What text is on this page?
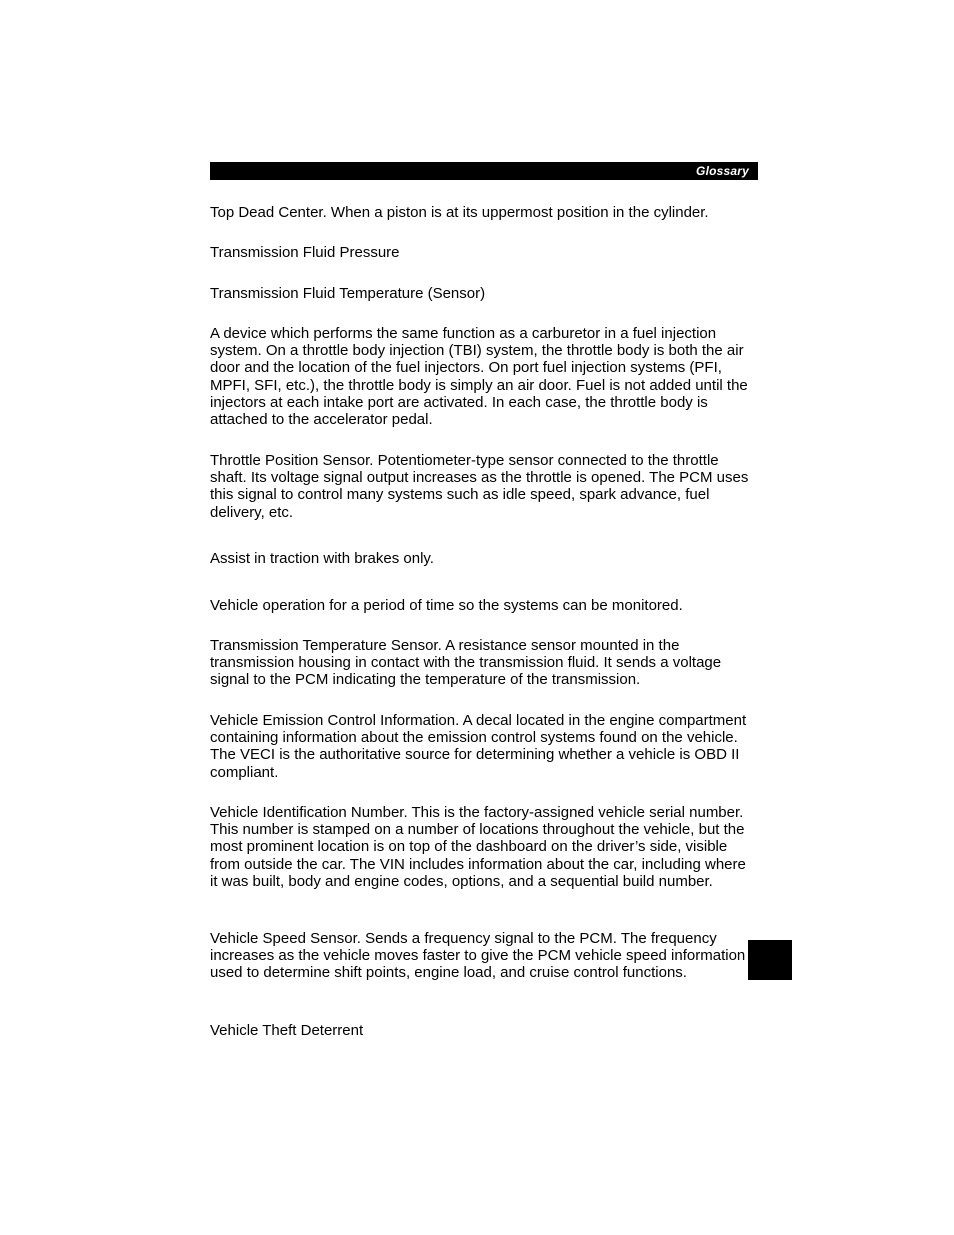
Glossary

Top Dead Center. When a piston is at its uppermost position in the cylinder.

Transmission Fluid Pressure

Transmission Fluid Temperature (Sensor)

A device which performs the same function as a carburetor in a fuel injection system. On a throttle body injection (TBI) system, the throttle body is both the air door and the location of the fuel injectors. On port fuel injection systems (PFI, MPFI, SFI, etc.), the throttle body is simply an air door. Fuel is not added until the injectors at each intake port are activated. In each case, the throttle body is attached to the accelerator pedal.

Throttle Position Sensor. Potentiometer-type sensor connected to the throttle shaft. Its voltage signal output increases as the throttle is opened. The PCM uses this signal to control many systems such as idle speed, spark advance, fuel delivery, etc.

Assist in traction with brakes only.

Vehicle operation for a period of time so the systems can be monitored.

Transmission Temperature Sensor. A resistance sensor mounted in the transmission housing in contact with the transmission fluid. It sends a voltage signal to the PCM indicating the temperature of the transmission.

Vehicle Emission Control Information. A decal located in the engine compartment containing information about the emission control systems found on the vehicle. The VECI is the authoritative source for determining whether a vehicle is OBD II compliant.

Vehicle Identification Number. This is the factory-assigned vehicle serial number. This number is stamped on a number of locations throughout the vehicle, but the most prominent location is on top of the dashboard on the driver’s side, visible from outside the car. The VIN includes information about the car, including where it was built, body and engine codes, options, and a sequential build number.

Vehicle Speed Sensor. Sends a frequency signal to the PCM. The frequency increases as the vehicle moves faster to give the PCM vehicle speed information used to determine shift points, engine load, and cruise control functions.

Vehicle Theft Deterrent
